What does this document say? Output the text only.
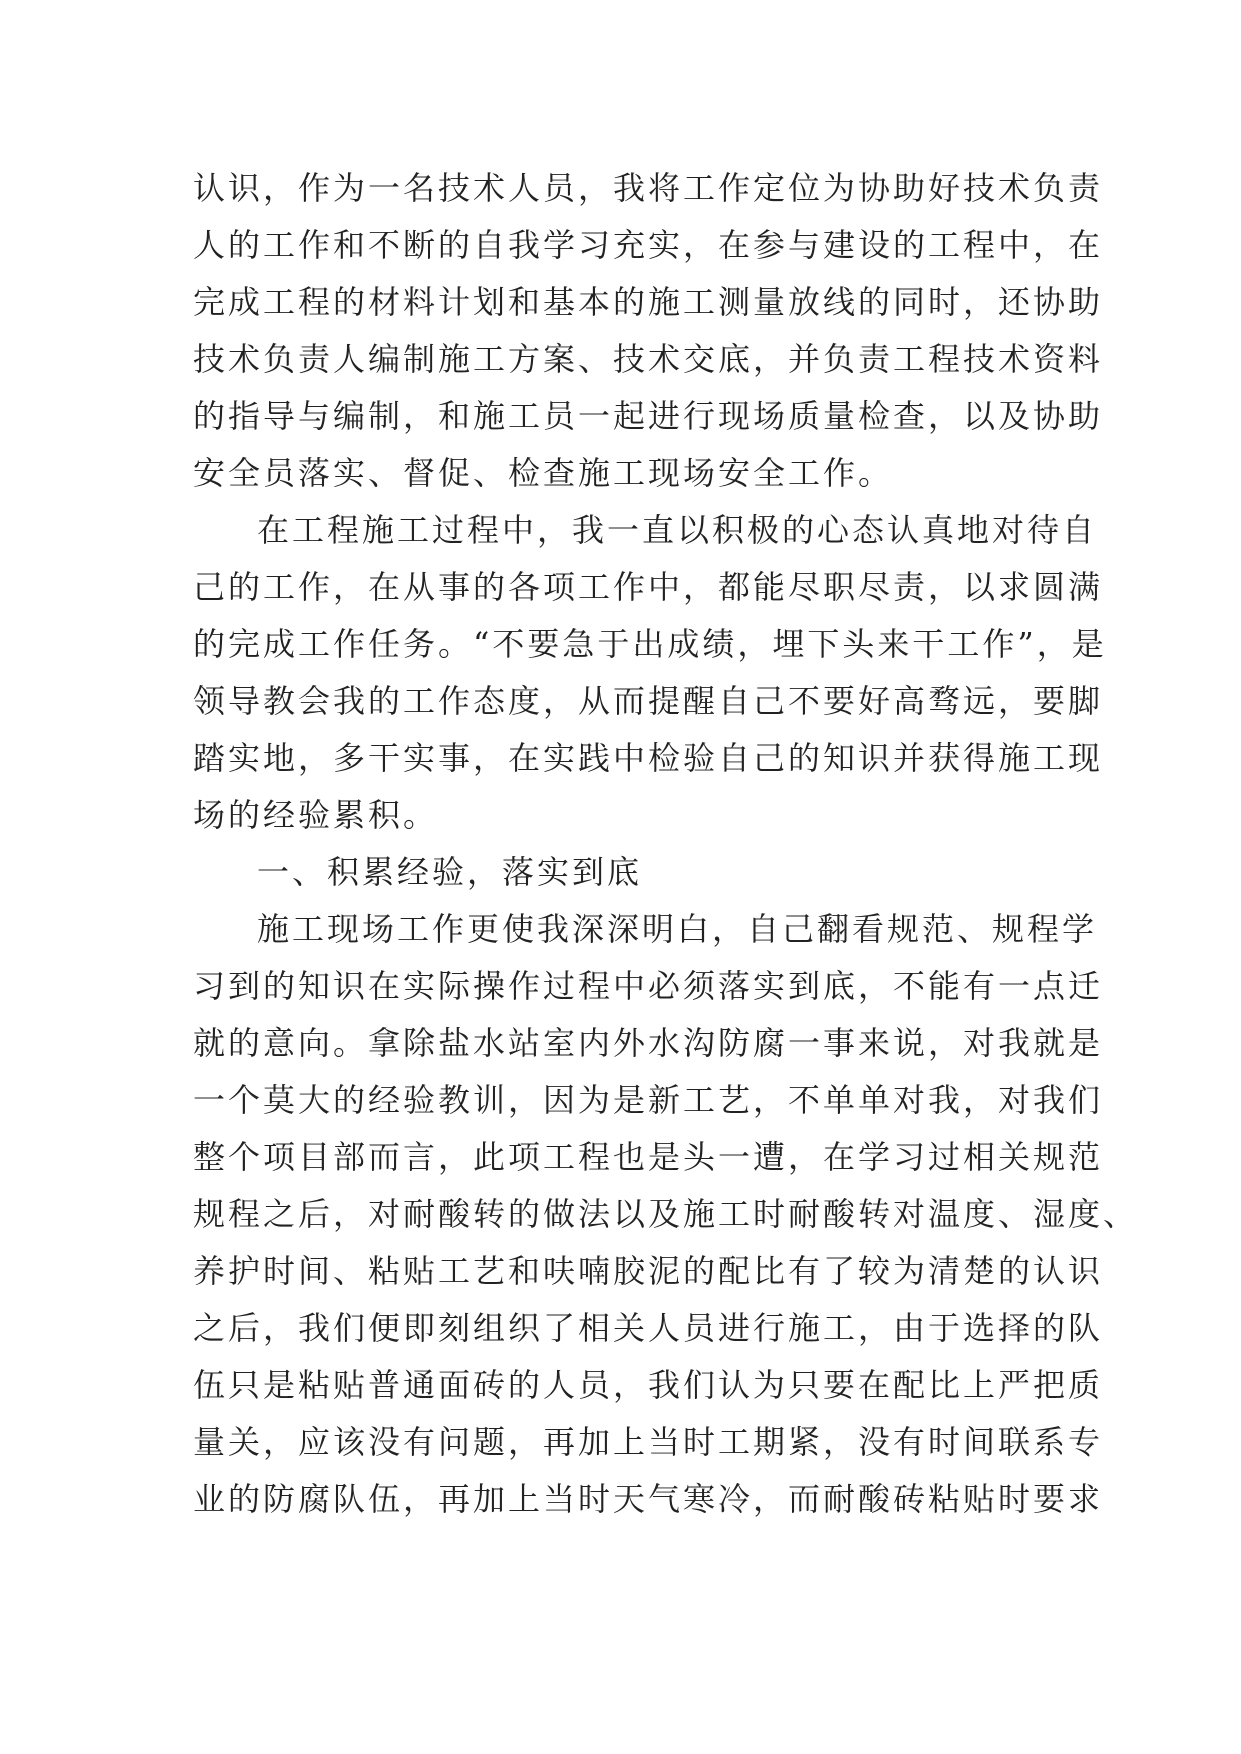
认识，作为一名技术人员，我将工作定位为协助好技术负责
人的工作和不断的自我学习充实，在参与建设的工程中，在
完成工程的材料计划和基本的施工测量放线的同时，还协助
技术负责人编制施工方案、技术交底，并负责工程技术资料
的指导与编制，和施工员一起进行现场质量检查，以及协助
安全员落实、督促、检查施工现场安全工作。
在工程施工过程中，我一直以积极的心态认真地对待自
己的工作，在从事的各项工作中，都能尽职尽责，以求圆满
的完成工作任务。“不要急于出成绩，埋下头来干工作”，是
领导教会我的工作态度，从而提醒自己不要好高骛远，要脚
踏实地，多干实事，在实践中检验自己的知识并获得施工现
场的经验累积。
一、积累经验，落实到底
施工现场工作更使我深深明白，自己翻看规范、规程学
习到的知识在实际操作过程中必须落实到底，不能有一点迁
就的意向。拿除盐水站室内外水沟防腐一事来说，对我就是
一个莫大的经验教训，因为是新工艺，不单单对我，对我们
整个项目部而言，此项工程也是头一遭，在学习过相关规范
规程之后，对耐酸转的做法以及施工时耐酸转对温度、湿度、
养护时间、粘贴工艺和呋喃胶泥的配比有了较为清楚的认识
之后，我们便即刻组织了相关人员进行施工，由于选择的队
伍只是粘贴普通面砖的人员，我们认为只要在配比上严把质
量关，应该没有问题，再加上当时工期紧，没有时间联系专
业的防腐队伍，再加上当时天气寒冷，而耐酸砖粘贴时要求
